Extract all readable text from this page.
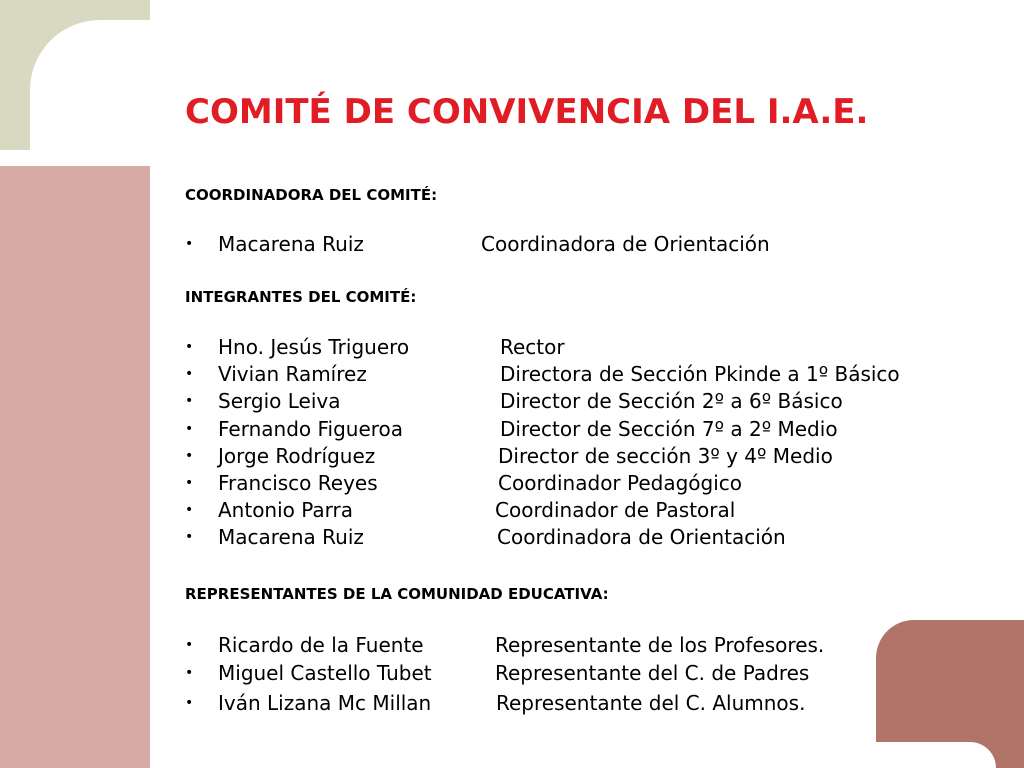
COMITÉ DE CONVIVENCIA DEL I.A.E.
COORDINADORA DEL COMITÉ:
• Macarena Ruiz	Coordinadora de Orientación
INTEGRANTES DEL COMITÉ:
• Hno. Jesús Triguero	Rector
• Vivian Ramírez	Directora de Sección Pkinde a 1º Básico
• Sergio Leiva	Director de Sección 2º a 6º Básico
• Fernando Figueroa	Director de Sección 7º a 2º Medio
• Jorge Rodríguez	Director de sección 3º y 4º Medio
• Francisco Reyes	Coordinador Pedagógico
• Antonio Parra	Coordinador de Pastoral
• Macarena Ruiz	Coordinadora de Orientación
REPRESENTANTES DE LA COMUNIDAD EDUCATIVA:
• Ricardo de la Fuente	Representante de los Profesores.
• Miguel Castello Tubet	Representante del C. de Padres
• Iván Lizana Mc Millan	Representante del C. Alumnos.
